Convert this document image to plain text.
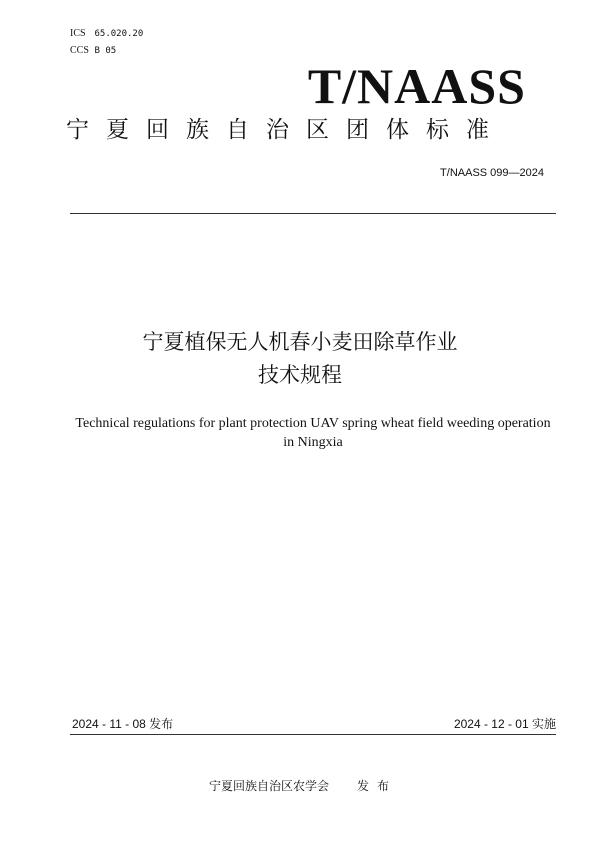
ICS 65.020.20
CCS B 05
T/NAASS
宁夏回族自治区团体标准
T/NAASS 099—2024
宁夏植保无人机春小麦田除草作业
技术规程
Technical regulations for plant protection UAV spring wheat field weeding operation
in Ningxia
2024 - 11 - 08 发布	2024 - 12 - 01 实施
宁夏回族自治区农学会 发布
